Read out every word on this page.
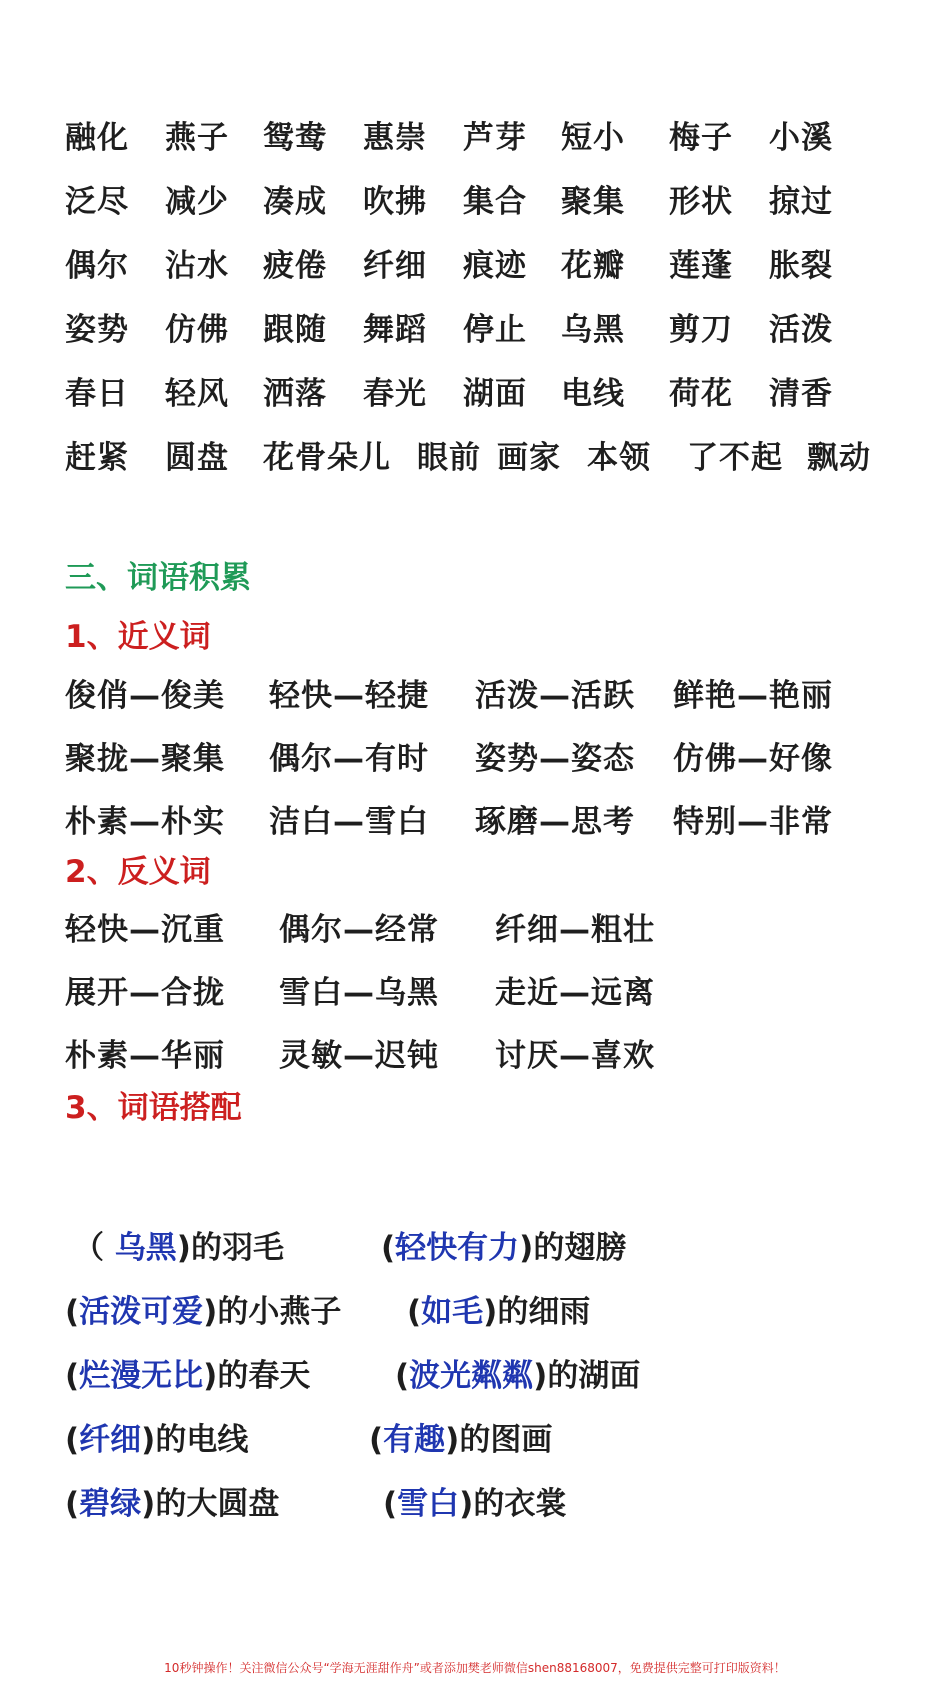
融化 燕子 鸳鸯 惠崇 芦芽 短小 梅子 小溪
泛尽 减少 凑成 吹拂 集合 聚集 形状 掠过
偶尔 沾水 疲倦 纤细 痕迹 花瓣 莲蓬 胀裂
姿势 仿佛 跟随 舞蹈 停止 乌黑 剪刀 活泼
春日 轻风 洒落 春光 湖面 电线 荷花 清香
赶紧 圆盘 花骨朵儿 眼前 画家 本领 了不起 飘动
三、词语积累
1、近义词
俊俏—俊美 轻快—轻捷 活泼—活跃 鲜艳—艳丽
聚拢—聚集 偶尔—有时 姿势—姿态 仿佛—好像
朴素—朴实 洁白—雪白 琢磨—思考 特别—非常
2、反义词
轻快—沉重 偶尔—经常 纤细—粗壮
展开—合拢 雪白—乌黑 走近—远离
朴素—华丽 灵敏—迟钝 讨厌—喜欢
3、词语搭配
（ 乌黑)的羽毛	(轻快有力)的翅膀
(活泼可爱)的小燕子 (如毛)的细雨
(烂漫无比)的春天	(波光粼粼)的湖面
(纤细)的电线	(有趣)的图画
(碧绿)的大圆盘	(雪白)的衣裳
10秒钟操作！关注微信公众号“学海无涯甜作舟”或者添加樊老师微信shen88168007，免费提供完整可打印版资料！
